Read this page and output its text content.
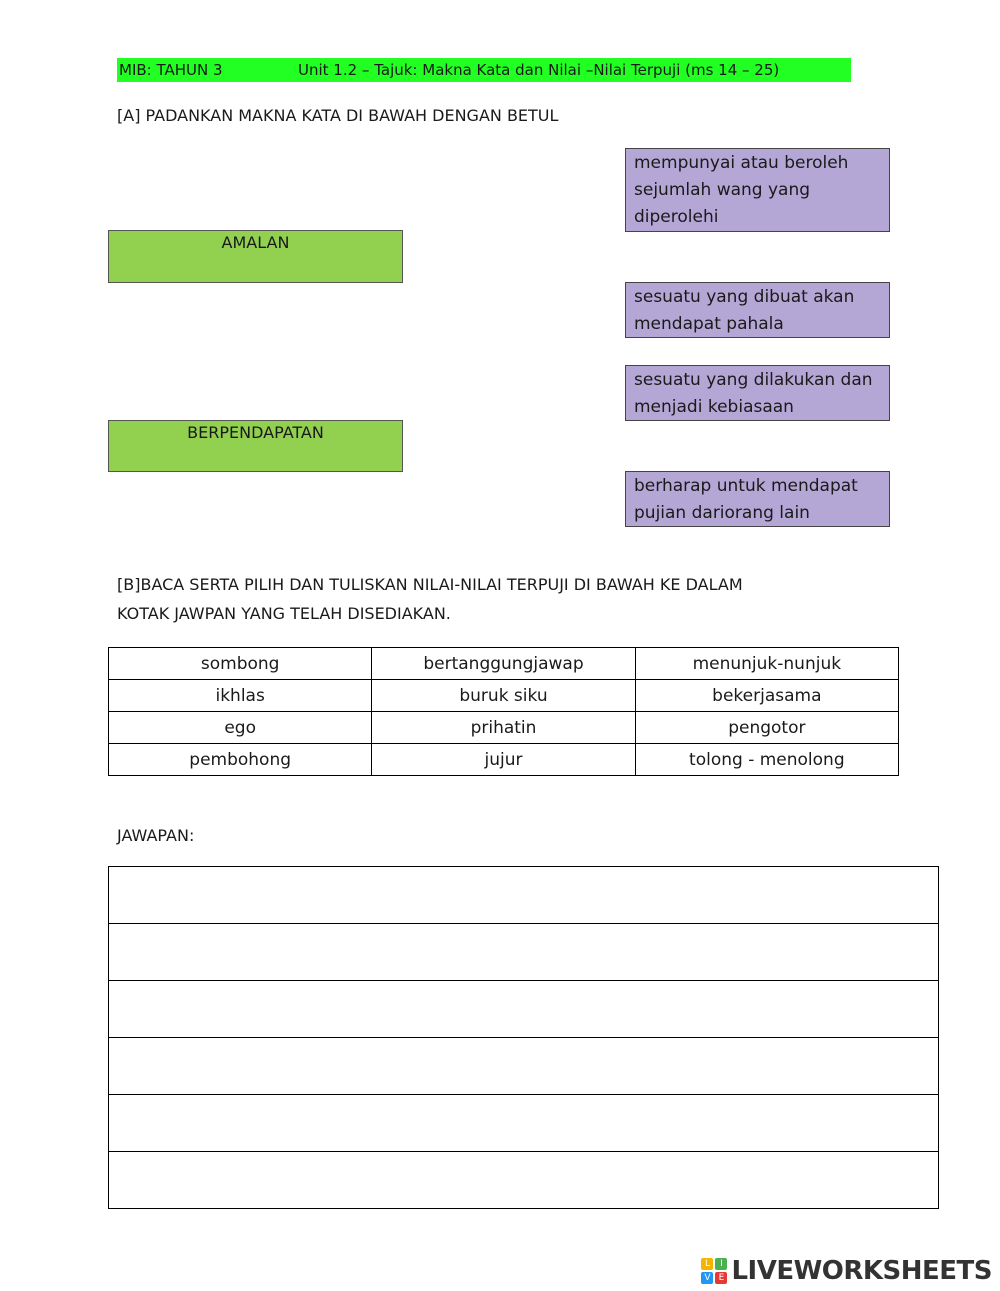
MIB: TAHUN 3	Unit 1.2 – Tajuk: Makna Kata dan Nilai –Nilai Terpuji (ms 14 – 25)
[A] PADANKAN MAKNA KATA DI BAWAH DENGAN BETUL
AMALAN
BERPENDAPATAN
mempunyai atau beroleh sejumlah wang yang diperolehi
sesuatu yang dibuat akan mendapat pahala
sesuatu yang dilakukan dan menjadi kebiasaan
berharap untuk mendapat pujian dariorang lain
[B]BACA SERTA PILIH DAN TULISKAN NILAI-NILAI TERPUJI DI BAWAH KE DALAM
KOTAK JAWPAN YANG TELAH DISEDIAKAN.
sombong	bertanggungjawap	menunjuk-nunjuk
ikhlas	buruk siku	bekerjasama
ego	prihatin	pengotor
pembohong	jujur	tolong - menolong
JAWAPAN:
L	I
V E LIVEWORKSHEETS
